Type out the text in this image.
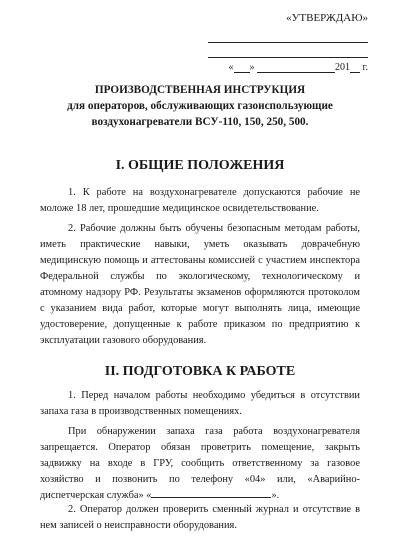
«УТВЕРЖДАЮ»
« »	201 г.
ПРОИЗВОДСТВЕННАЯ ИНСТРУКЦИЯ
для операторов, обслуживающих газоиспользующие
воздухонагреватели ВСУ-110, 150, 250, 500.
I. ОБЩИЕ ПОЛОЖЕНИЯ

1. К работе на воздухонагревателе допускаются рабочие не моложе 18 лет, прошедшие медицинское освидетельствование.

2. Рабочие должны быть обучены безопасным методам работы, иметь практические навыки, уметь оказывать доврачебную медицинскую помощь и аттестованы комиссией с участием инспектора Федеральной службы по экологическому, технологическому и атомному надзору РФ. Результаты экзаменов оформляются протоколом с указанием вида работ, которые могут выполнять лица, имеющие удостоверение, допущенные к работе приказом по предприятию к эксплуатации газового оборудования.

II. ПОДГОТОВКА К РАБОТЕ

1. Перед началом работы необходимо убедиться в отсутствии запаха газа в производственных помещениях.

При обнаружении запаха газа работа воздухонагревателя запрещается. Оператор обязан проветрить помещение, закрыть задвижку на входе в ГРУ, сообщить ответственному за газовое хозяйство и позвонить по телефону «04» или, «Аварийно-диспетчерская служба» «	».

2. Оператор должен проверить сменный журнал и отсутствие в нем записей о неисправности оборудования.
